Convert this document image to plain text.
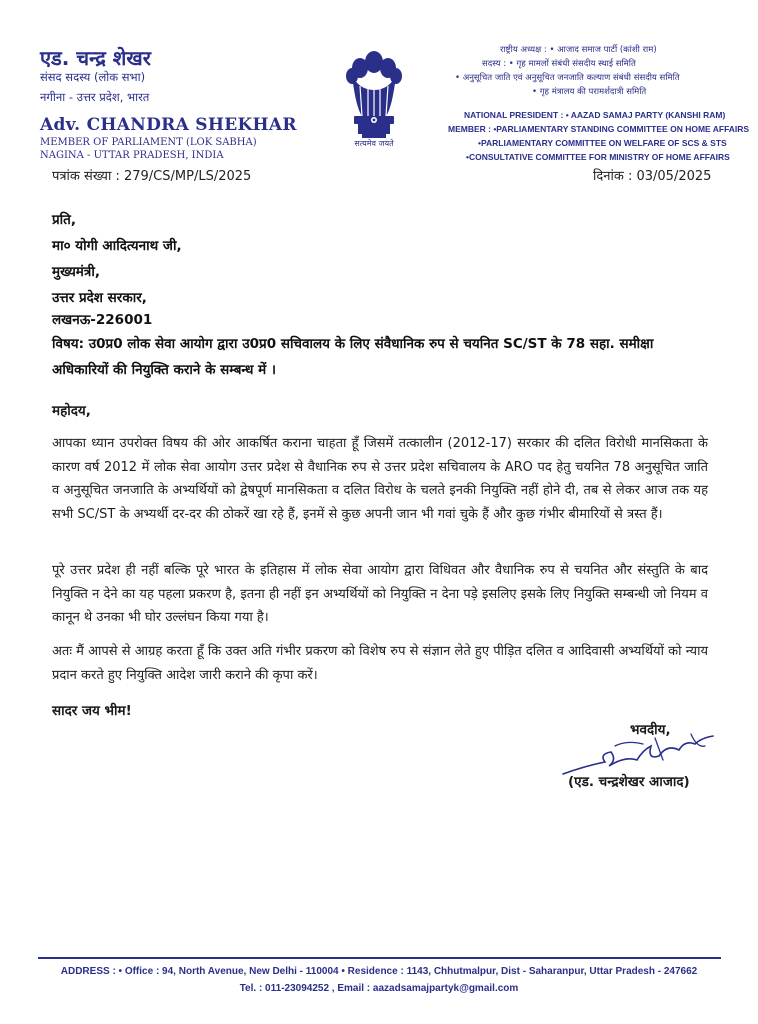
एड. चन्द्र शेखर
संसद सदस्य (लोक सभा)
नगीना - उत्तर प्रदेश, भारत
Adv. CHANDRA SHEKHAR
MEMBER OF PARLIAMENT (LOK SABHA)
NAGINA - UTTAR PRADESH, INDIA
सत्यमेव जयते
राष्ट्रीय अध्यक्ष : • आजाद समाज पार्टी (कांशी राम)
सदस्य : • गृह मामलों संबंधी संसदीय स्थाई समिति
• अनुसूचित जाति एवं अनुसूचित जनजाति कल्याण संबंधी संसदीय समिति
• गृह मंत्रालय की परामर्शदात्री समिति
NATIONAL PRESIDENT : • AAZAD SAMAJ PARTY (KANSHI RAM)
MEMBER : •PARLIAMENTARY STANDING COMMITTEE ON HOME AFFAIRS
•PARLIAMENTARY COMMITTEE ON WELFARE OF SCS & STS
•CONSULTATIVE COMMITTEE FOR MINISTRY OF HOME AFFAIRS
पत्रांक संख्या : 279/CS/MP/LS/2025	दिनांक : 03/05/2025
प्रति,
मा० योगी आदित्यनाथ जी,
मुख्यमंत्री,
उत्तर प्रदेश सरकार,
लखनऊ-226001
विषय: उ0प्र0 लोक सेवा आयोग द्वारा उ0प्र0 सचिवालय के लिए संवैधानिक रुप से चयनित SC/ST के 78 सहा. समीक्षा अधिकारियों की नियुक्ति कराने के सम्बन्ध में ।
महोदय,
आपका ध्यान उपरोक्त विषय की ओर आकर्षित कराना चाहता हूँ जिसमें तत्कालीन (2012-17) सरकार की दलित विरोधी मानसिकता के कारण वर्ष 2012 में लोक सेवा आयोग उत्तर प्रदेश से वैधानिक रुप से उत्तर प्रदेश सचिवालय के ARO पद हेतु चयनित 78 अनुसूचित जाति व अनुसूचित जनजाति के अभ्यर्थियों को द्वेषपूर्ण मानसिकता व दलित विरोध के चलते इनकी नियुक्ति नहीं होने दी, तब से लेकर आज तक यह सभी SC/ST के अभ्यर्थी दर-दर की ठोकरें खा रहे हैं, इनमें से कुछ अपनी जान भी गवां चुके हैं और कुछ गंभीर बीमारियों से त्रस्त हैं।
पूरे उत्तर प्रदेश ही नहीं बल्कि पूरे भारत के इतिहास में लोक सेवा आयोग द्वारा विधिवत और वैधानिक रुप से चयनित और संस्तुति के बाद नियुक्ति न देने का यह पहला प्रकरण है, इतना ही नहीं इन अभ्यर्थियों को नियुक्ति न देना पड़े इसलिए इसके लिए नियुक्ति सम्बन्धी जो नियम व कानून थे उनका भी घोर उल्लंघन किया गया है।
अतः मैं आपसे से आग्रह करता हूँ कि उक्त अति गंभीर प्रकरण को विशेष रुप से संज्ञान लेते हुए पीड़ित दलित व आदिवासी अभ्यर्थियों को न्याय प्रदान करते हुए नियुक्ति आदेश जारी कराने की कृपा करें।
सादर जय भीम!
भवदीय,
(एड. चन्द्रशेखर आजाद)
ADDRESS : • Office : 94, North Avenue, New Delhi - 110004 • Residence : 1143, Chhutmalpur, Dist - Saharanpur, Uttar Pradesh - 247662
Tel. : 011-23094252 , Email : aazadsamajpartyk@gmail.com
